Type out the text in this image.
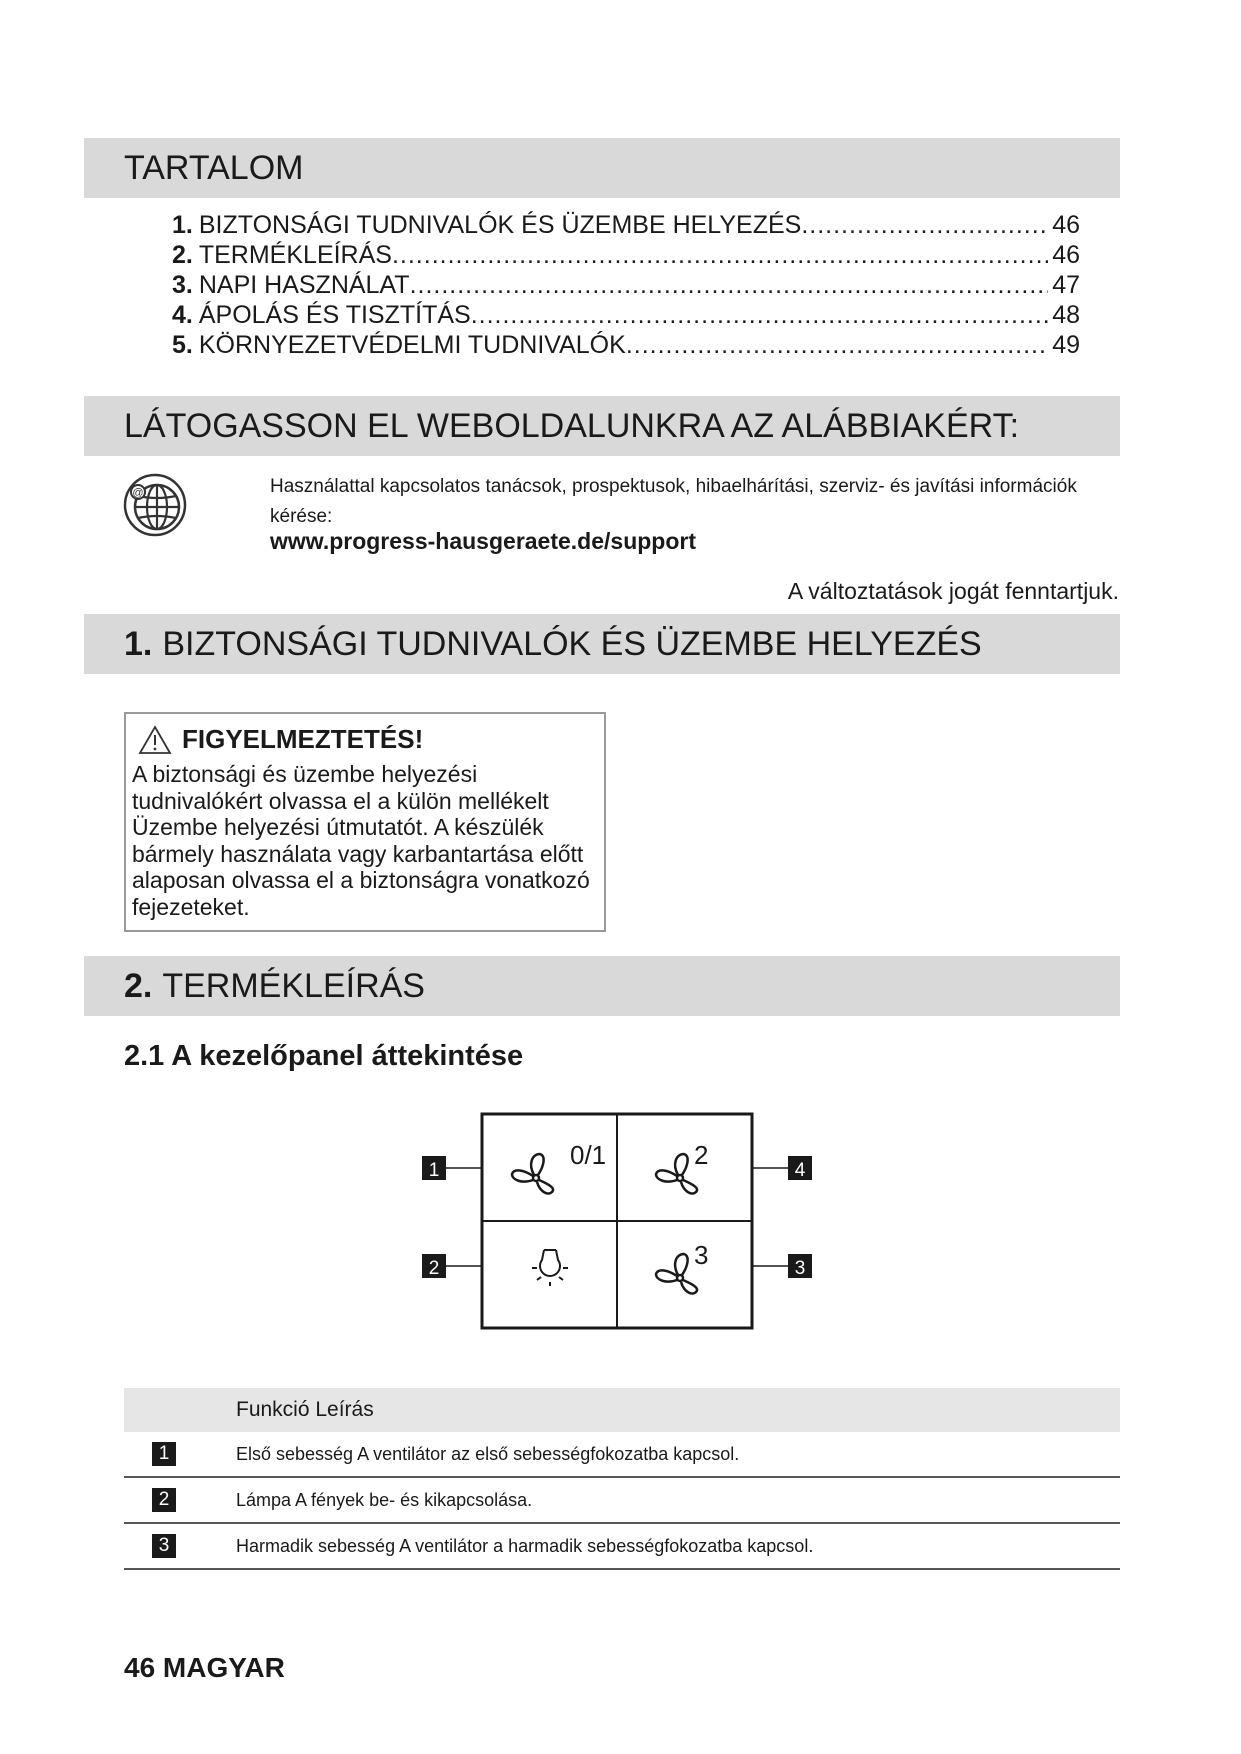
TARTALOM
1. BIZTONSÁGI TUDNIVALÓK ÉS ÜZEMBE HELYEZÉS .....	46
2. TERMÉKLEÍRÁS .....	46
3. NAPI HASZNÁLAT .....	47
4. ÁPOLÁS ÉS TISZTÍTÁS .....	48
5. KÖRNYEZETVÉDELMI TUDNIVALÓK .....	49
LÁTOGASSON EL WEBOLDALUNKRA AZ ALÁBBIAKÉRT:
@	Használattal kapcsolatos tanácsok, prospektusok, hibaelhárítási, szerviz- és javítási információk kérése:
www.progress-hausgeraete.de/support
A változtatások jogát fenntartjuk.
1. BIZTONSÁGI TUDNIVALÓK ÉS ÜZEMBE HELYEZÉS
FIGYELMEZTETÉS!
A biztonsági és üzembe helyezési tudnivalókért olvassa el a külön mellékelt Üzembe helyezési útmutatót. A készülék bármely használata vagy karbantartása előtt alaposan olvassa el a biztonságra vonatkozó fejezeteket.
2. TERMÉKLEÍRÁS
2.1 A kezelőpanel áttekintése
0/1	2
3
1
2	3
4
Funkció Leírás
1	Első sebesség A ventilátor az első sebességfokozatba kapcsol.
2	Lámpa A fények be- és kikapcsolása.
3	Harmadik sebesség A ventilátor a harmadik sebességfokozatba kapcsol.
46 MAGYAR
